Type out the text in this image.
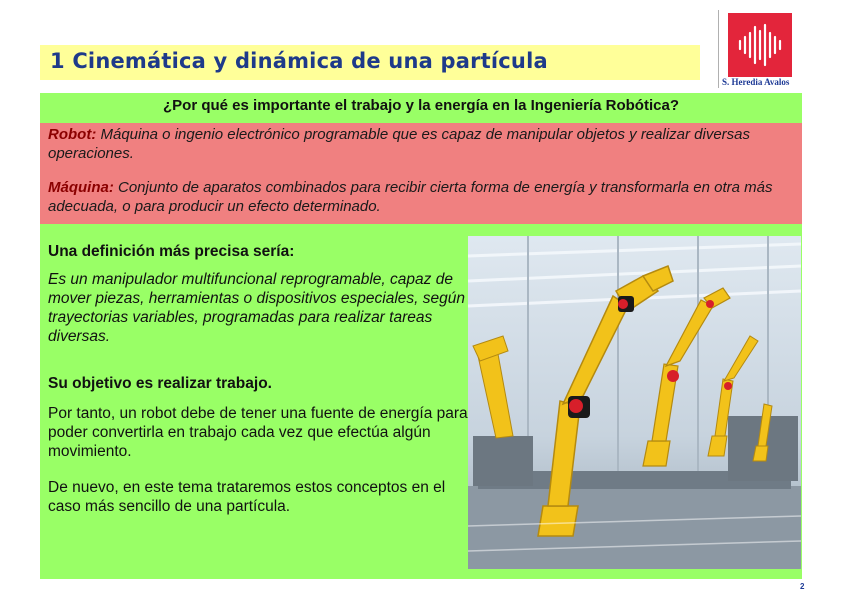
1 Cinemática y dinámica de una partícula
S. Heredia Avalos
¿Por qué es importante el trabajo y la energía en la Ingeniería Robótica?
Robot: Máquina o ingenio electrónico programable que es capaz de manipular objetos y realizar diversas operaciones.
Máquina: Conjunto de aparatos combinados para recibir cierta forma de energía y transformarla en otra más adecuada, o para producir un efecto determinado.
Una definición más precisa sería:
Es un manipulador multifuncional reprogramable, capaz de mover piezas, herramientas o dispositivos especiales, según trayectorias variables, programadas para realizar tareas diversas.
Su objetivo es realizar trabajo.
Por tanto, un robot debe de tener una fuente de energía para poder convertirla en trabajo cada vez que efectúa algún movimiento.
De nuevo, en este tema trataremos estos conceptos en el caso más sencillo de una partícula.
2
